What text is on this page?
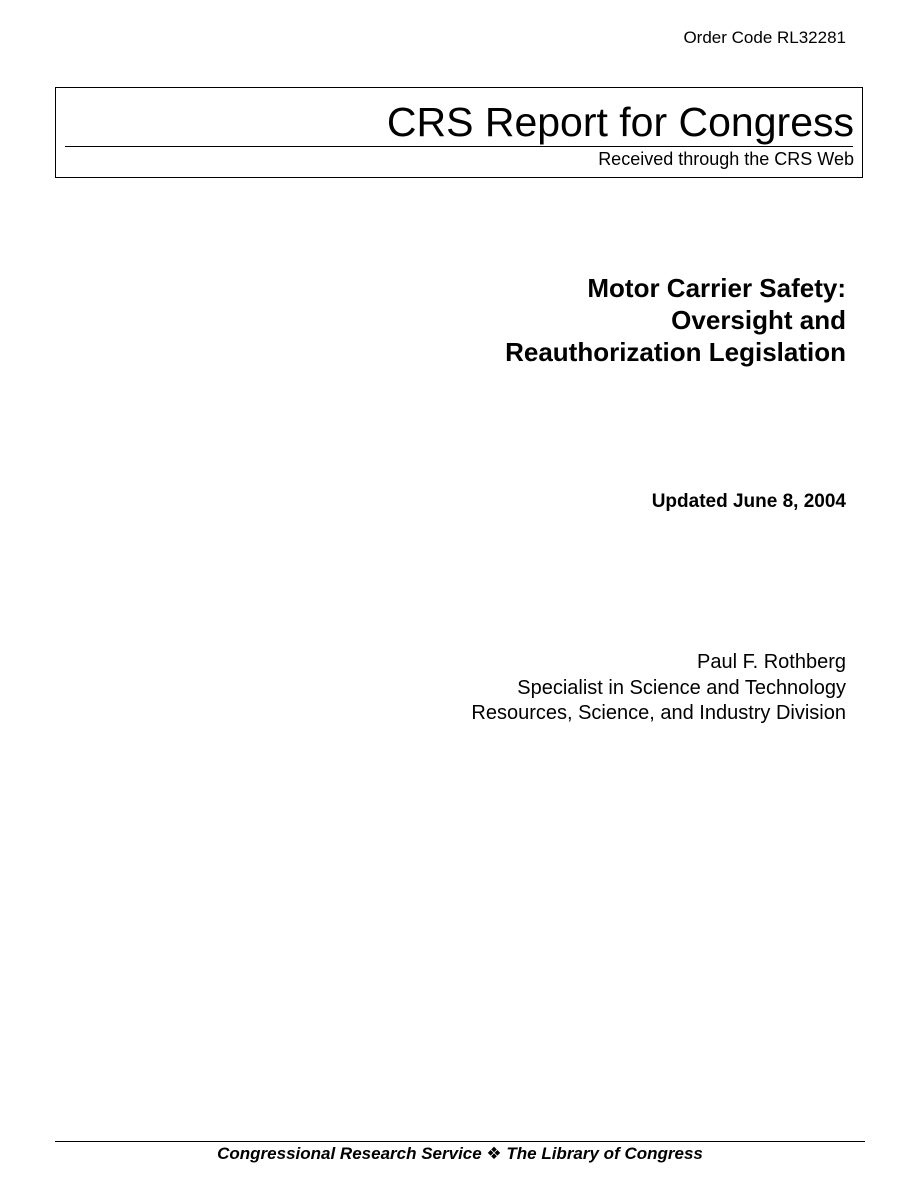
Order Code RL32281
CRS Report for Congress
Received through the CRS Web
Motor Carrier Safety:
Oversight and
Reauthorization Legislation
Updated June 8, 2004
Paul F. Rothberg
Specialist in Science and Technology
Resources, Science, and Industry Division
Congressional Research Service ❖ The Library of Congress
